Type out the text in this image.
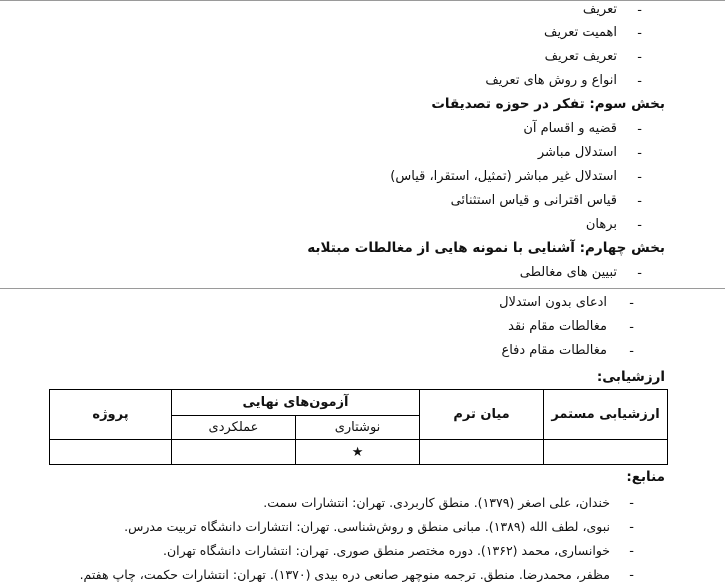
-
تعریف
-
اهمیت تعریف
-
تعریف تعریف
-
انواع و روش های تعریف
بخش سوم: تفکر در حوزه تصدیقات
-
قضیه و اقسام آن
-
استدلال مباشر
-
استدلال غیر مباشر (تمثیل، استقرا، قیاس)
-
قیاس اقترانی و قیاس استثنائی
-
برهان
بخش چهارم: آشنایی با نمونه هایی از مغالطات مبتلابه
-
تبیین های مغالطی
-
ادعای بدون استدلال
-
مغالطات مقام نقد
-
مغالطات مقام دفاع
ارزشیابی:
ارزشیابی مستمر	میان ترم	آزمون‌های نهایی		پروژه
		نوشتاری	عملکردی	
		★		
منابع:
-
خندان، علی اصغر (۱۳۷۹). منطق کاربردی. تهران: انتشارات سمت.
-
نبوی، لطف الله (۱۳۸۹). مبانی منطق و روش‌شناسی. تهران: انتشارات دانشگاه تربیت مدرس.
-
خوانساری، محمد (۱۳۶۲). دوره مختصر منطق صوری. تهران: انتشارات دانشگاه تهران.
-
مظفر، محمدرضا. منطق. ترجمه منوچهر صانعی دره بیدی (۱۳۷۰). تهران: انتشارات حکمت، چاپ هفتم.
